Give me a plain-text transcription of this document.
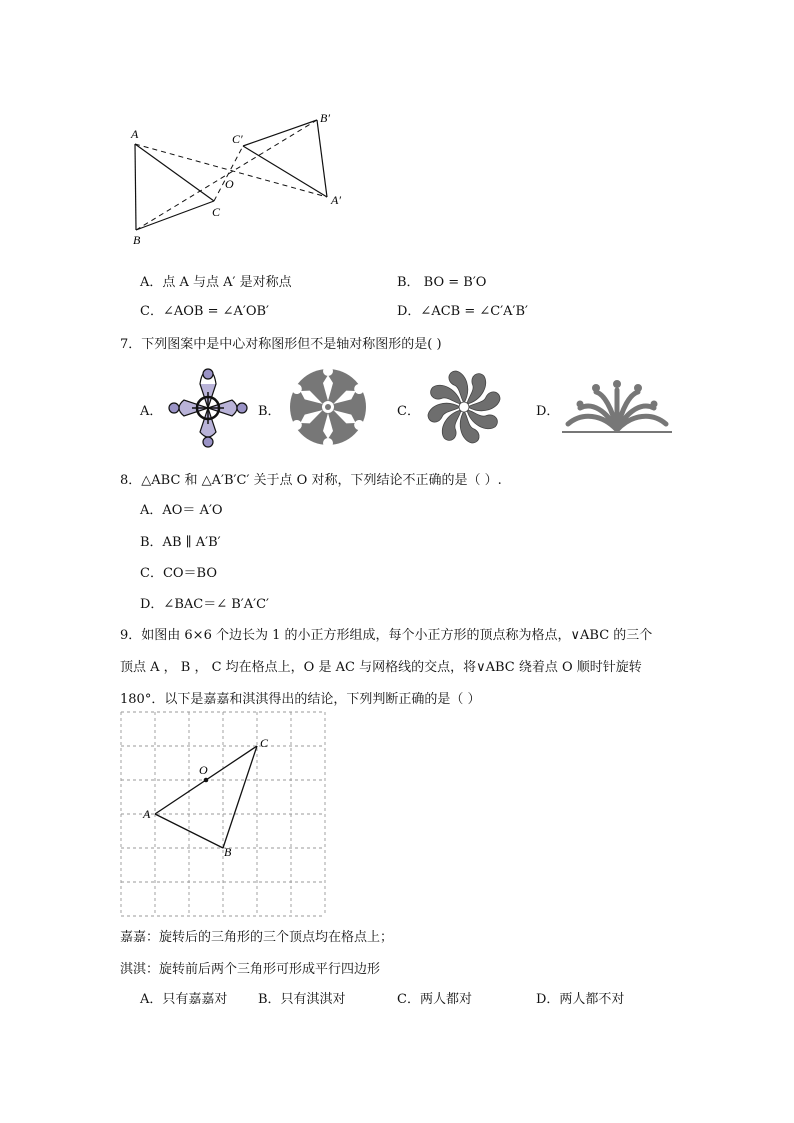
A
B
C
O
A′
B′
C′
A．点 A 与点 A′ 是对称点	B． BO = B′O
C．∠AOB = ∠A′OB′	D．∠ACB = ∠C′A′B′
7．下列图案中是中心对称图形但不是轴对称图形的是( )
A．	B．	C．	D．
8．△ABC 和 △A′B′C′ 关于点 O 对称，下列结论不正确的是（ ）.
A．AO＝ A′O
B．AB ∥ A′B′
C．CO＝BO
D．∠BAC＝∠ B′A′C′
9．如图由 6×6 个边长为 1 的小正方形组成，每个小正方形的顶点称为格点，∨ABC 的三个
顶点 A ， B ， C 均在格点上，O 是 AC 与网格线的交点，将∨ABC 绕着点 O 顺时针旋转
180°．以下是嘉嘉和淇淇得出的结论，下列判断正确的是（ ）
A
B
C
O
嘉嘉：旋转后的三角形的三个顶点均在格点上；
淇淇：旋转前后两个三角形可形成平行四边形
A．只有嘉嘉对 B．只有淇淇对	C．两人都对	D．两人都不对
